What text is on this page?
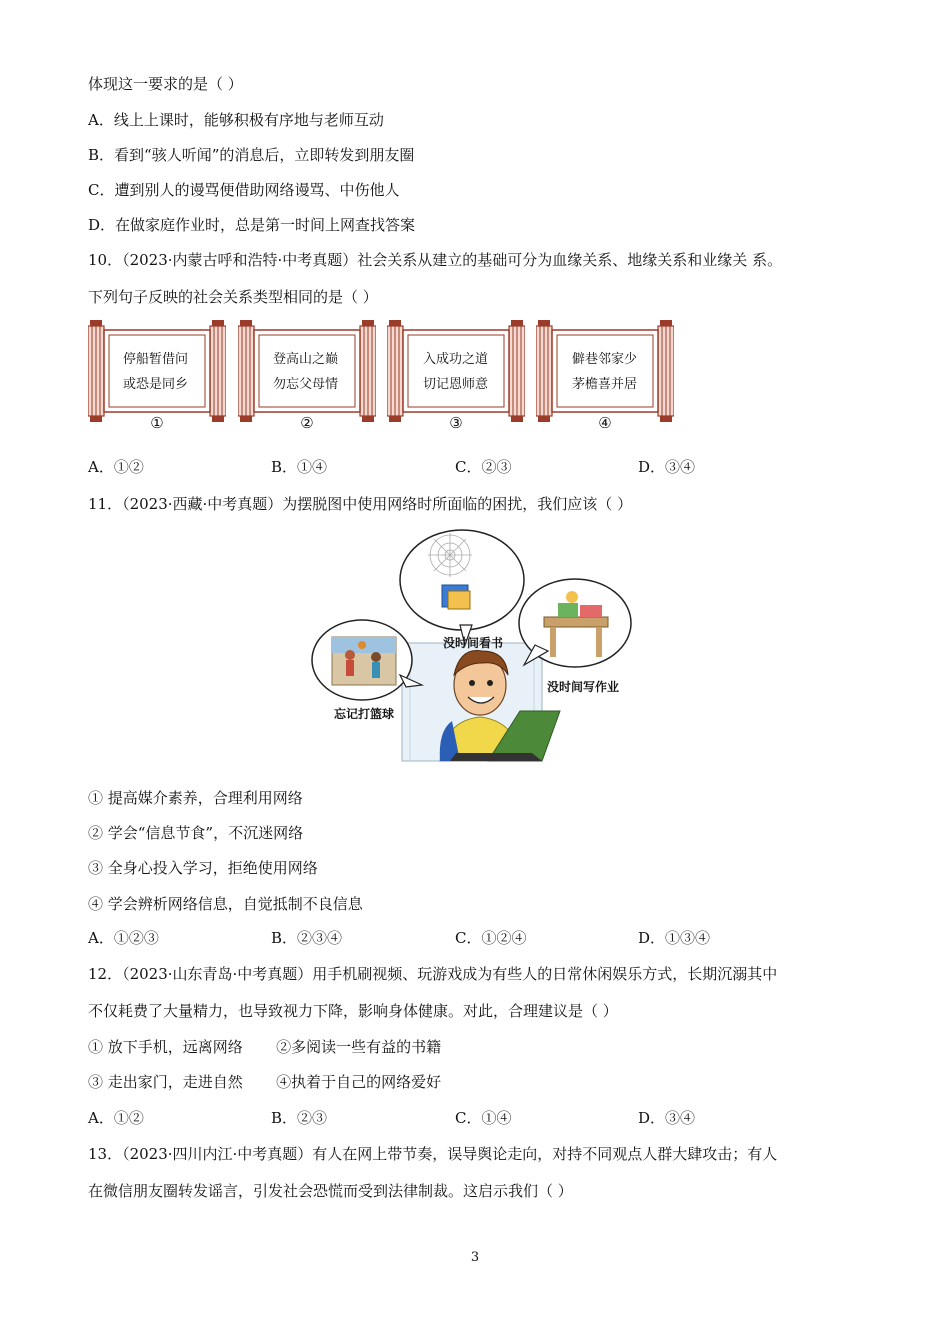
体现这一要求的是（ ）
A．线上上课时，能够积极有序地与老师互动
B．看到“骇人听闻”的消息后，立即转发到朋友圈
C．遭到别人的谩骂便借助网络谩骂、中伤他人
D．在做家庭作业时，总是第一时间上网查找答案
10．（2023·内蒙古呼和浩特·中考真题）社会关系从建立的基础可分为血缘关系、地缘关系和业缘关 系。
下列句子反映的社会关系类型相同的是（ ）
停船暂借问
或恐是同乡
登高山之巅
勿忘父母情
入成功之道
切记恩师意
僻巷邻家少
茅檐喜并居
①	②	③	④
A．①②	B．①④	C．②③	D．③④
11．（2023·西藏·中考真题）为摆脱图中使用网络时所面临的困扰，我们应该（ ）
没时间看书
没时间写作业
忘记打篮球
① 提高媒介素养，合理利用网络
② 学会“信息节食”，不沉迷网络
③ 全身心投入学习，拒绝使用网络
④ 学会辨析网络信息，自觉抵制不良信息
A．①②③	B．②③④	C．①②④	D．①③④
12．（2023·山东青岛·中考真题）用手机刷视频、玩游戏成为有些人的日常休闲娱乐方式，长期沉溺其中
不仅耗费了大量精力，也导致视力下降，影响身体健康。对此，合理建议是（ ）
① 放下手机，远离网络       ②多阅读一些有益的书籍
③ 走出家门，走进自然       ④执着于自己的网络爱好
A．①②	B．②③	C．①④	D．③④
13．（2023·四川内江·中考真题）有人在网上带节奏，误导舆论走向，对持不同观点人群大肆攻击；有人
在微信朋友圈转发谣言，引发社会恐慌而受到法律制裁。这启示我们（ ）
3
